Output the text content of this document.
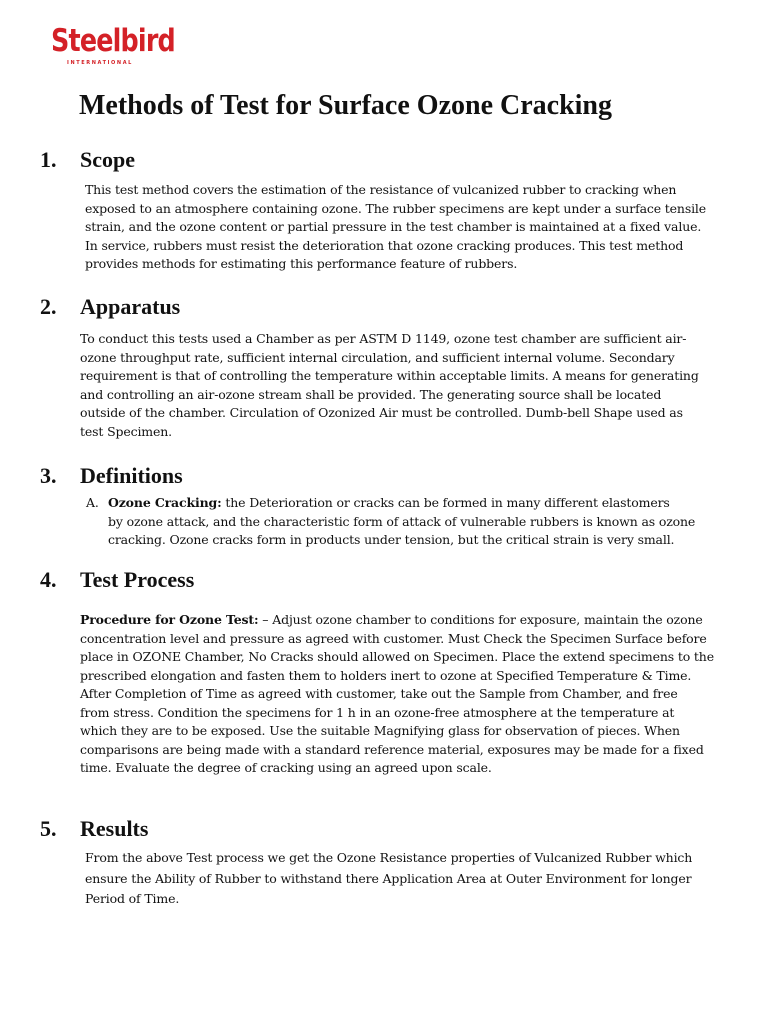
Steelbird
INTERNATIONAL
Methods of Test for Surface Ozone Cracking
1. Scope
This test method covers the estimation of the resistance of vulcanized rubber to cracking when
exposed to an atmosphere containing ozone. The rubber specimens are kept under a surface tensile
strain, and the ozone content or partial pressure in the test chamber is maintained at a fixed value.
In service, rubbers must resist the deterioration that ozone cracking produces. This test method
provides methods for estimating this performance feature of rubbers.
2. Apparatus
To conduct this tests used a Chamber as per ASTM D 1149, ozone test chamber are sufficient air-
ozone throughput rate, sufficient internal circulation, and sufficient internal volume. Secondary
requirement is that of controlling the temperature within acceptable limits. A means for generating
and controlling an air-ozone stream shall be provided. The generating source shall be located
outside of the chamber. Circulation of Ozonized Air must be controlled. Dumb-bell Shape used as
test Specimen.
3. Definitions
A. Ozone Cracking: the Deterioration or cracks can be formed in many different elastomers
by ozone attack, and the characteristic form of attack of vulnerable rubbers is known as ozone
cracking. Ozone cracks form in products under tension, but the critical strain is very small.
4. Test Process
Procedure for Ozone Test: – Adjust ozone chamber to conditions for exposure, maintain the ozone
concentration level and pressure as agreed with customer. Must Check the Specimen Surface before
place in OZONE Chamber, No Cracks should allowed on Specimen. Place the extend specimens to the
prescribed elongation and fasten them to holders inert to ozone at Specified Temperature & Time.
After Completion of Time as agreed with customer, take out the Sample from Chamber, and free
from stress. Condition the specimens for 1 h in an ozone-free atmosphere at the temperature at
which they are to be exposed. Use the suitable Magnifying glass for observation of pieces. When
comparisons are being made with a standard reference material, exposures may be made for a fixed
time. Evaluate the degree of cracking using an agreed upon scale.
5. Results
From the above Test process we get the Ozone Resistance properties of Vulcanized Rubber which
ensure the Ability of Rubber to withstand there Application Area at Outer Environment for longer
Period of Time.
